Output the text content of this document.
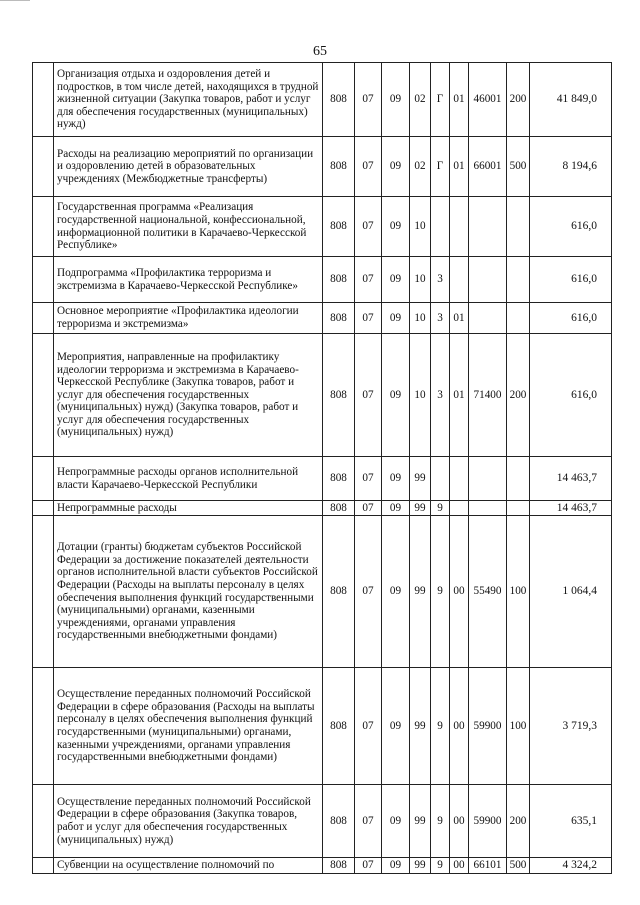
65
	Организация отдыха и оздоровления детей и подростков, в том числе детей, находящихся в трудной жизненной ситуации (Закупка товаров, работ и услуг для обеспечения государственных (муниципальных) нужд)	808	07	09	02	Г	01	46001	200	41 849,0
	Расходы на реализацию мероприятий по организации и оздоровлению детей в образовательных учреждениях (Межбюджетные трансферты)	808	07	09	02	Г	01	66001	500	8 194,6
	Государственная программа «Реализация государственной национальной, конфессиональной, информационной политики в Карачаево-Черкесской Республике»	808	07	09	10					616,0
	Подпрограмма «Профилактика терроризма и экстремизма в Карачаево-Черкесской Республике»	808	07	09	10	3				616,0
	Основное мероприятие «Профилактика идеологии терроризма и экстремизма»	808	07	09	10	3	01			616,0
	Мероприятия, направленные на профилактику идеологии терроризма и экстремизма в Карачаево-Черкесской Республике (Закупка товаров, работ и услуг для обеспечения государственных (муниципальных) нужд) (Закупка товаров, работ и услуг для обеспечения государственных (муниципальных) нужд)	808	07	09	10	3	01	71400	200	616,0
	Непрограммные расходы органов исполнительной власти Карачаево-Черкесской Республики	808	07	09	99					14 463,7
	Непрограммные расходы	808	07	09	99	9				14 463,7
	Дотации (гранты) бюджетам субъектов Российской Федерации за достижение показателей деятельности органов исполнительной власти субъектов Российской Федерации (Расходы на выплаты персоналу в целях обеспечения выполнения функций государственными (муниципальными) органами, казенными учреждениями, органами управления государственными внебюджетными фондами)	808	07	09	99	9	00	55490	100	1 064,4
	Осуществление переданных полномочий Российской Федерации в сфере образования (Расходы на выплаты персоналу в целях обеспечения выполнения функций государственными (муниципальными) органами, казенными учреждениями, органами управления государственными внебюджетными фондами)	808	07	09	99	9	00	59900	100	3 719,3
	Осуществление переданных полномочий Российской Федерации в сфере образования (Закупка товаров, работ и услуг для обеспечения государственных (муниципальных) нужд)	808	07	09	99	9	00	59900	200	635,1
	Субвенции на осуществление полномочий по	808	07	09	99	9	00	66101	500	4 324,2
